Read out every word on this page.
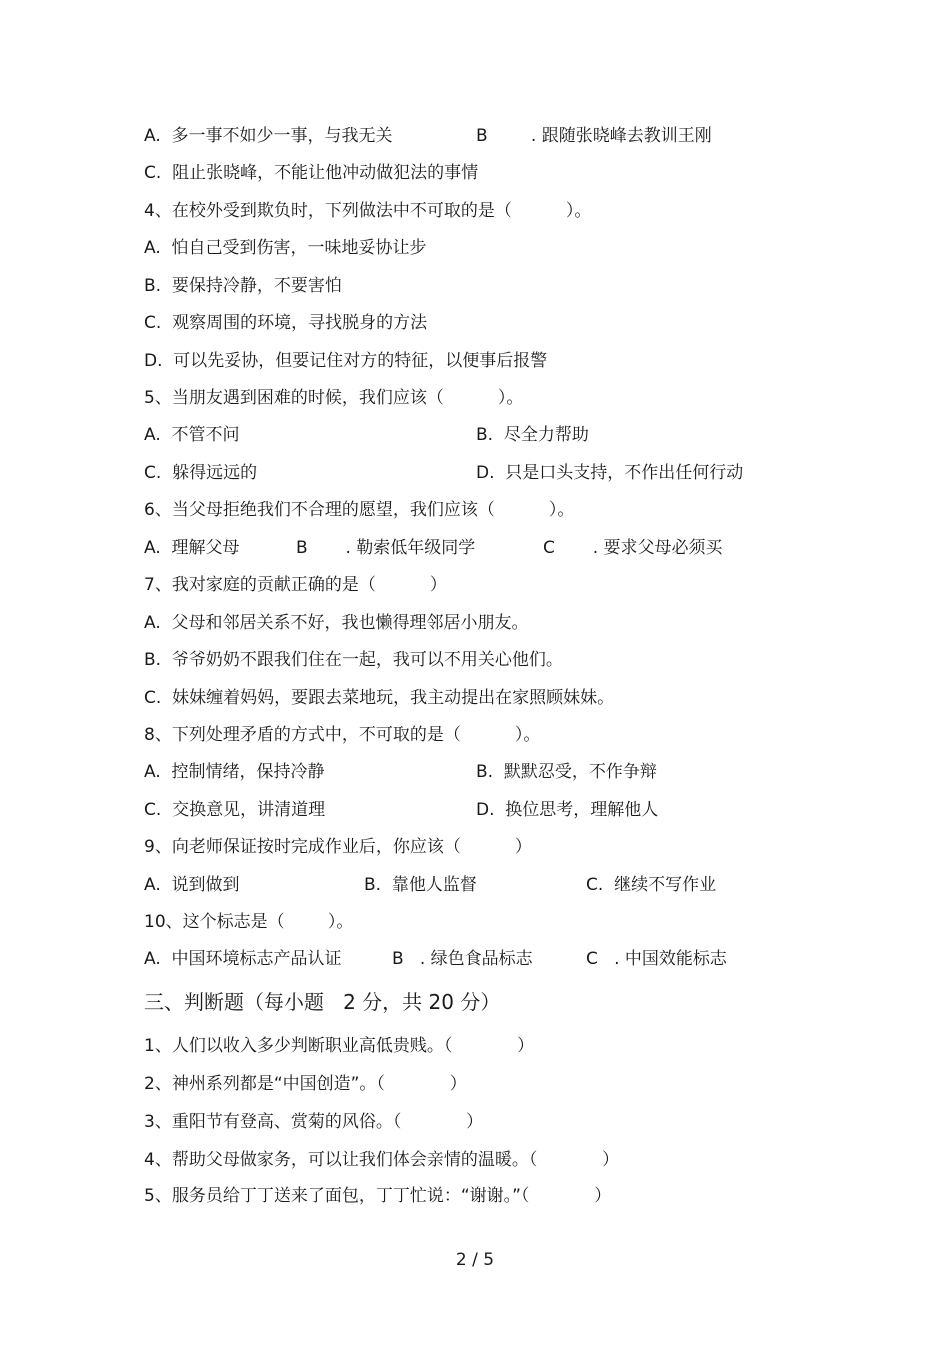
A.  多一事不如少一事，与我无关	B        . 跟随张晓峰去教训王刚
C.  阻止张晓峰，不能让他冲动做犯法的事情
4、在校外受到欺负时，下列做法中不可取的是（          ）。
A.  怕自己受到伤害，一味地妥协让步
B.  要保持冷静，不要害怕
C.  观察周围的环境，寻找脱身的方法
D.  可以先妥协，但要记住对方的特征，以便事后报警
5、当朋友遇到困难的时候，我们应该（          ）。
A.  不管不问	B.  尽全力帮助
C.  躲得远远的	D.  只是口头支持，不作出任何行动
6、当父母拒绝我们不合理的愿望，我们应该（          ）。
A.  理解父母	B       . 勒索低年级同学	C       . 要求父母必须买
7、我对家庭的贡献正确的是（          ）
A.  父母和邻居关系不好，我也懒得理邻居小朋友。
B.  爷爷奶奶不跟我们住在一起，我可以不用关心他们。
C.  妹妹缠着妈妈，要跟去菜地玩，我主动提出在家照顾妹妹。
8、下列处理矛盾的方式中，不可取的是（          ）。
A.  控制情绪，保持冷静	B.  默默忍受，不作争辩
C.  交换意见，讲清道理	D.  换位思考，理解他人
9、向老师保证按时完成作业后，你应该（          ）
A.  说到做到	B.  靠他人监督	C.  继续不写作业
10、这个标志是（        ）。
A.  中国环境标志产品认证	B   . 绿色食品标志	C   . 中国效能标志
三、判断题（每小题   2 分，共 20 分）
1、人们以收入多少判断职业高低贵贱。（            ）
2、神州系列都是“中国创造”。（            ）
3、重阳节有登高、赏菊的风俗。（            ）
4、帮助父母做家务，可以让我们体会亲情的温暖。（            ）
5、服务员给丁丁送来了面包，丁丁忙说：“谢谢。”（            ）
2 / 5
